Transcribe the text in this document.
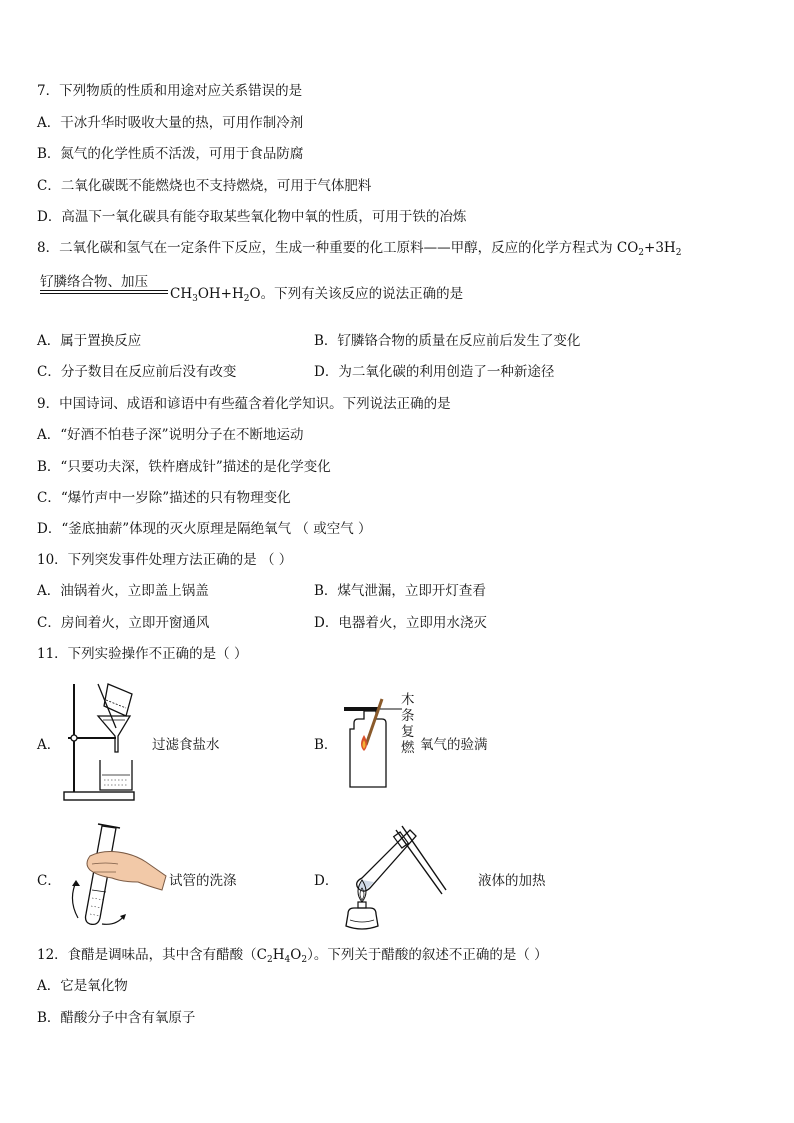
7．下列物质的性质和用途对应关系错误的是
A．干冰升华时吸收大量的热，可用作制冷剂
B．氮气的化学性质不活泼，可用于食品防腐
C．二氧化碳既不能燃烧也不支持燃烧，可用于气体肥料
D．高温下一氧化碳具有能夺取某些氧化物中氧的性质，可用于铁的冶炼
8．二氧化碳和氢气在一定条件下反应，生成一种重要的化工原料——甲醇，反应的化学方程式为 $CO_2+3H_2$
钌膦络合物、加压
$CH_3OH+H_2O$。下列有关该反应的说法正确的是
A．属于置换反应	B．钌膦铬合物的质量在反应前后发生了变化
C．分子数目在反应前后没有改变	D．为二氧化碳的利用创造了一种新途径
9．中国诗词、成语和谚语中有些蕴含着化学知识。下列说法正确的是
A．“好酒不怕巷子深”说明分子在不断地运动
B．“只要功夫深，铁杵磨成针”描述的是化学变化
C．“爆竹声中一岁除”描述的只有物理变化
D．“釜底抽薪”体现的灭火原理是隔绝氧气 （ 或空气 ）
10．下列突发事件处理方法正确的是 （ ）
A．油锅着火，立即盖上锅盖	B．煤气泄漏，立即开灯查看
C．房间着火，立即开窗通风	D．电器着火，立即用水浇灭
11．下列实验操作不正确的是（ ）
A．	过滤食盐水	B．
木
条
复
燃 氧气的验满
C．	试管的洗涤	D．	液体的加热
12．食醋是调味品，其中含有醋酸$(C_2H_4O_2)$。下列关于醋酸的叙述不正确的是（ ）
A．它是氧化物
B．醋酸分子中含有氧原子
